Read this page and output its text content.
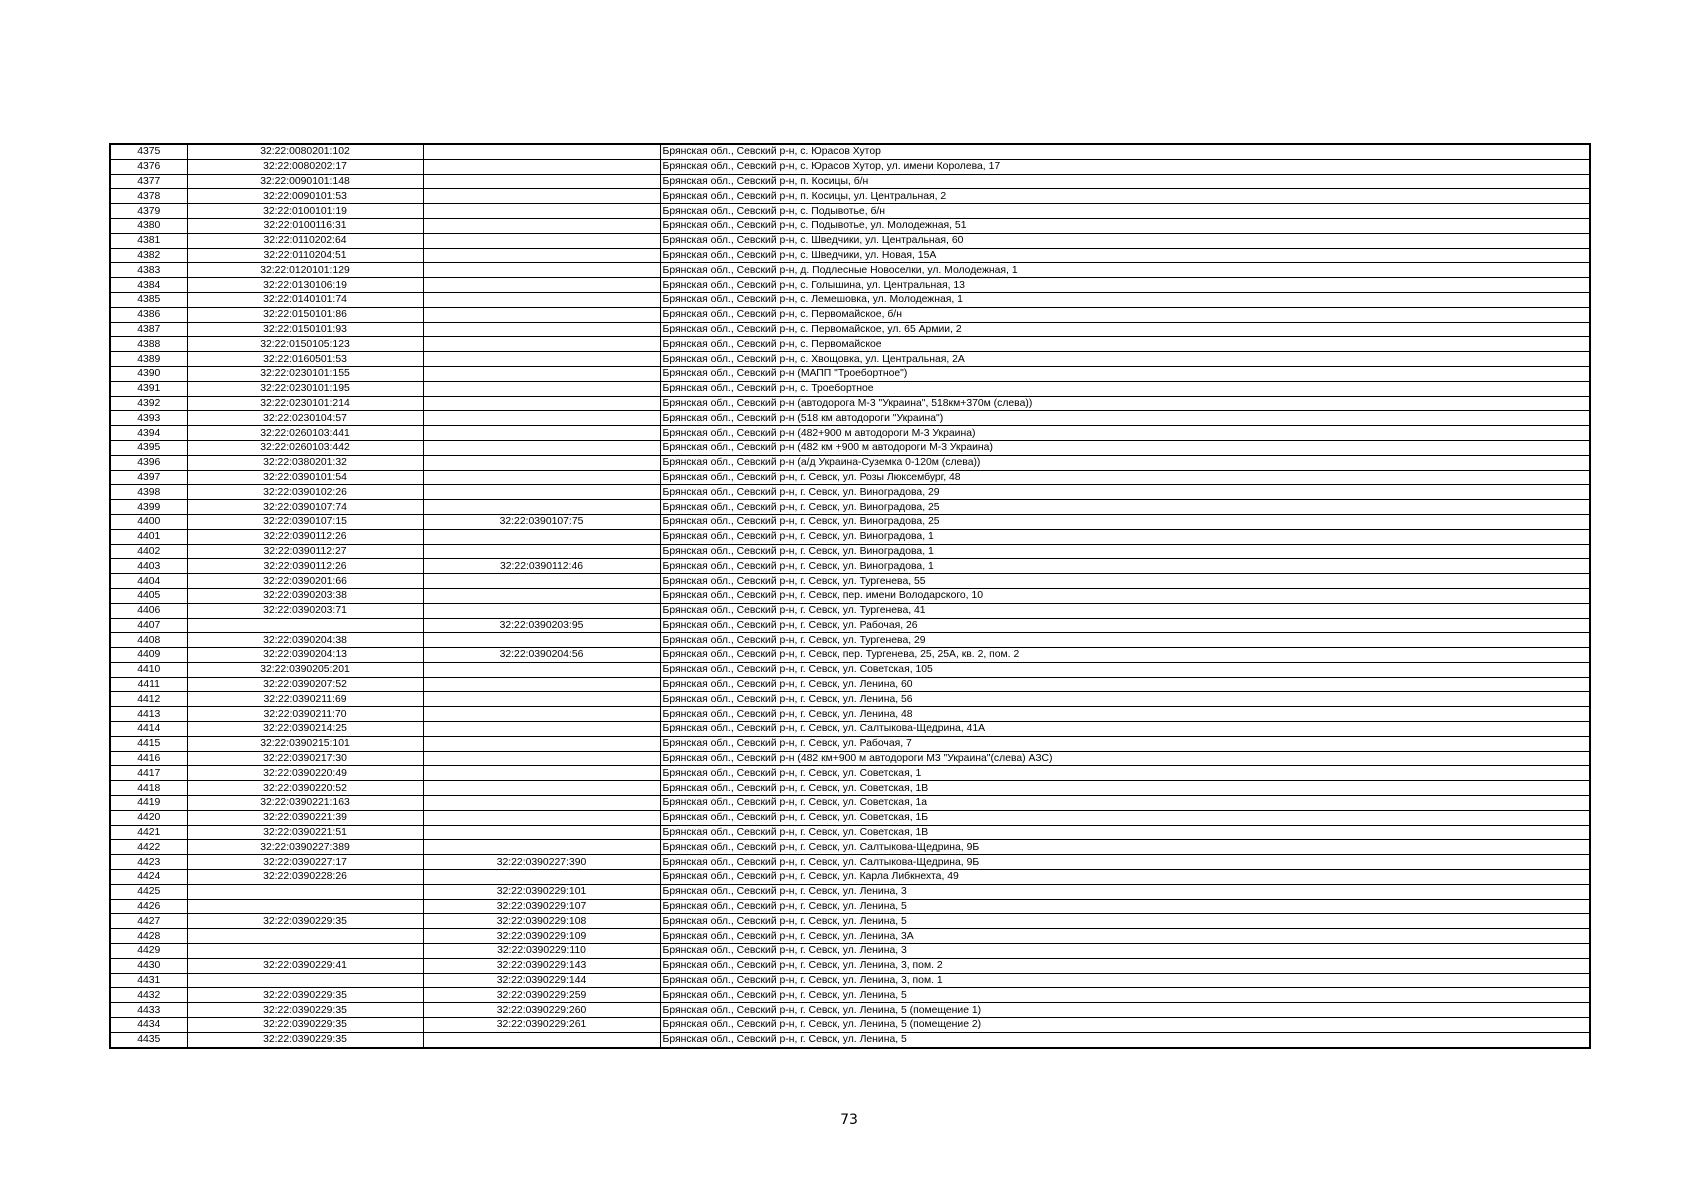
4375	32:22:0080201:102		Брянская обл., Севский р-н, с. Юрасов Хутор
4376	32:22:0080202:17		Брянская обл., Севский р-н, с. Юрасов Хутор, ул. имени Королева, 17
4377	32:22:0090101:148		Брянская обл., Севский р-н, п. Косицы, б/н
4378	32:22:0090101:53		Брянская обл., Севский р-н, п. Косицы, ул. Центральная, 2
4379	32:22:0100101:19		Брянская обл., Севский р-н, с. Подывотье, б/н
4380	32:22:0100116:31		Брянская обл., Севский р-н, с. Подывотье, ул. Молодежная, 51
4381	32:22:0110202:64		Брянская обл., Севский р-н, с. Шведчики, ул. Центральная, 60
4382	32:22:0110204:51		Брянская обл., Севский р-н, с. Шведчики, ул. Новая, 15А
4383	32:22:0120101:129		Брянская обл., Севский р-н, д. Подлесные Новоселки, ул. Молодежная, 1
4384	32:22:0130106:19		Брянская обл., Севский р-н, с. Голышина, ул. Центральная, 13
4385	32:22:0140101:74		Брянская обл., Севский р-н, с. Лемешовка, ул. Молодежная, 1
4386	32:22:0150101:86		Брянская обл., Севский р-н, с. Первомайское, б/н
4387	32:22:0150101:93		Брянская обл., Севский р-н, с. Первомайское, ул. 65 Армии, 2
4388	32:22:0150105:123		Брянская обл., Севский р-н, с. Первомайское
4389	32:22:0160501:53		Брянская обл., Севский р-н, с. Хвощовка, ул. Центральная, 2А
4390	32:22:0230101:155		Брянская обл., Севский р-н (МАПП "Троебортное")
4391	32:22:0230101:195		Брянская обл., Севский р-н, с. Троебортное
4392	32:22:0230101:214		Брянская обл., Севский р-н (автодорога М-3 "Украина", 518км+370м (слева))
4393	32:22:0230104:57		Брянская обл., Севский р-н (518 км автодороги "Украина")
4394	32:22:0260103:441		Брянская обл., Севский р-н (482+900 м автодороги М-3 Украина)
4395	32:22:0260103:442		Брянская обл., Севский р-н (482 км +900 м автодороги М-3 Украина)
4396	32:22:0380201:32		Брянская обл., Севский р-н (а/д Украина-Суземка 0-120м (слева))
4397	32:22:0390101:54		Брянская обл., Севский р-н, г. Севск, ул. Розы Люксембург, 48
4398	32:22:0390102:26		Брянская обл., Севский р-н, г. Севск, ул. Виноградова, 29
4399	32:22:0390107:74		Брянская обл., Севский р-н, г. Севск, ул. Виноградова, 25
4400	32:22:0390107:15	32:22:0390107:75	Брянская обл., Севский р-н, г. Севск, ул. Виноградова, 25
4401	32:22:0390112:26		Брянская обл., Севский р-н, г. Севск, ул. Виноградова, 1
4402	32:22:0390112:27		Брянская обл., Севский р-н, г. Севск, ул. Виноградова, 1
4403	32:22:0390112:26	32:22:0390112:46	Брянская обл., Севский р-н, г. Севск, ул. Виноградова, 1
4404	32:22:0390201:66		Брянская обл., Севский р-н, г. Севск, ул. Тургенева, 55
4405	32:22:0390203:38		Брянская обл., Севский р-н, г. Севск, пер. имени Володарского, 10
4406	32:22:0390203:71		Брянская обл., Севский р-н, г. Севск, ул. Тургенева, 41
4407		32:22:0390203:95	Брянская обл., Севский р-н, г. Севск, ул. Рабочая, 26
4408	32:22:0390204:38		Брянская обл., Севский р-н, г. Севск, ул. Тургенева, 29
4409	32:22:0390204:13	32:22:0390204:56	Брянская обл., Севский р-н, г. Севск, пер. Тургенева, 25, 25А, кв. 2, пом. 2
4410	32:22:0390205:201		Брянская обл., Севский р-н, г. Севск, ул. Советская, 105
4411	32:22:0390207:52		Брянская обл., Севский р-н, г. Севск, ул. Ленина, 60
4412	32:22:0390211:69		Брянская обл., Севский р-н, г. Севск, ул. Ленина, 56
4413	32:22:0390211:70		Брянская обл., Севский р-н, г. Севск, ул. Ленина, 48
4414	32:22:0390214:25		Брянская обл., Севский р-н, г. Севск, ул. Салтыкова-Щедрина, 41А
4415	32:22:0390215:101		Брянская обл., Севский р-н, г. Севск, ул. Рабочая, 7
4416	32:22:0390217:30		Брянская обл., Севский р-н (482 км+900 м автодороги М3 "Украина"(слева) АЗС)
4417	32:22:0390220:49		Брянская обл., Севский р-н, г. Севск, ул. Советская, 1
4418	32:22:0390220:52		Брянская обл., Севский р-н, г. Севск, ул. Советская, 1В
4419	32:22:0390221:163		Брянская обл., Севский р-н, г. Севск, ул. Советская, 1а
4420	32:22:0390221:39		Брянская обл., Севский р-н, г. Севск, ул. Советская, 1Б
4421	32:22:0390221:51		Брянская обл., Севский р-н, г. Севск, ул. Советская, 1В
4422	32:22:0390227:389		Брянская обл., Севский р-н, г. Севск, ул. Салтыкова-Щедрина, 9Б
4423	32:22:0390227:17	32:22:0390227:390	Брянская обл., Севский р-н, г. Севск, ул. Салтыкова-Щедрина, 9Б
4424	32:22:0390228:26		Брянская обл., Севский р-н, г. Севск, ул. Карла Либкнехта, 49
4425		32:22:0390229:101	Брянская обл., Севский р-н, г. Севск, ул. Ленина, 3
4426		32:22:0390229:107	Брянская обл., Севский р-н, г. Севск, ул. Ленина, 5
4427	32:22:0390229:35	32:22:0390229:108	Брянская обл., Севский р-н, г. Севск, ул. Ленина, 5
4428		32:22:0390229:109	Брянская обл., Севский р-н, г. Севск, ул. Ленина, 3А
4429		32:22:0390229:110	Брянская обл., Севский р-н, г. Севск, ул. Ленина, 3
4430	32:22:0390229:41	32:22:0390229:143	Брянская обл., Севский р-н, г. Севск, ул. Ленина, 3, пом. 2
4431		32:22:0390229:144	Брянская обл., Севский р-н, г. Севск, ул. Ленина, 3, пом. 1
4432	32:22:0390229:35	32:22:0390229:259	Брянская обл., Севский р-н, г. Севск, ул. Ленина, 5
4433	32:22:0390229:35	32:22:0390229:260	Брянская обл., Севский р-н, г. Севск, ул. Ленина, 5 (помещение 1)
4434	32:22:0390229:35	32:22:0390229:261	Брянская обл., Севский р-н, г. Севск, ул. Ленина, 5 (помещение 2)
4435	32:22:0390229:35		Брянская обл., Севский р-н, г. Севск, ул. Ленина, 5
73
